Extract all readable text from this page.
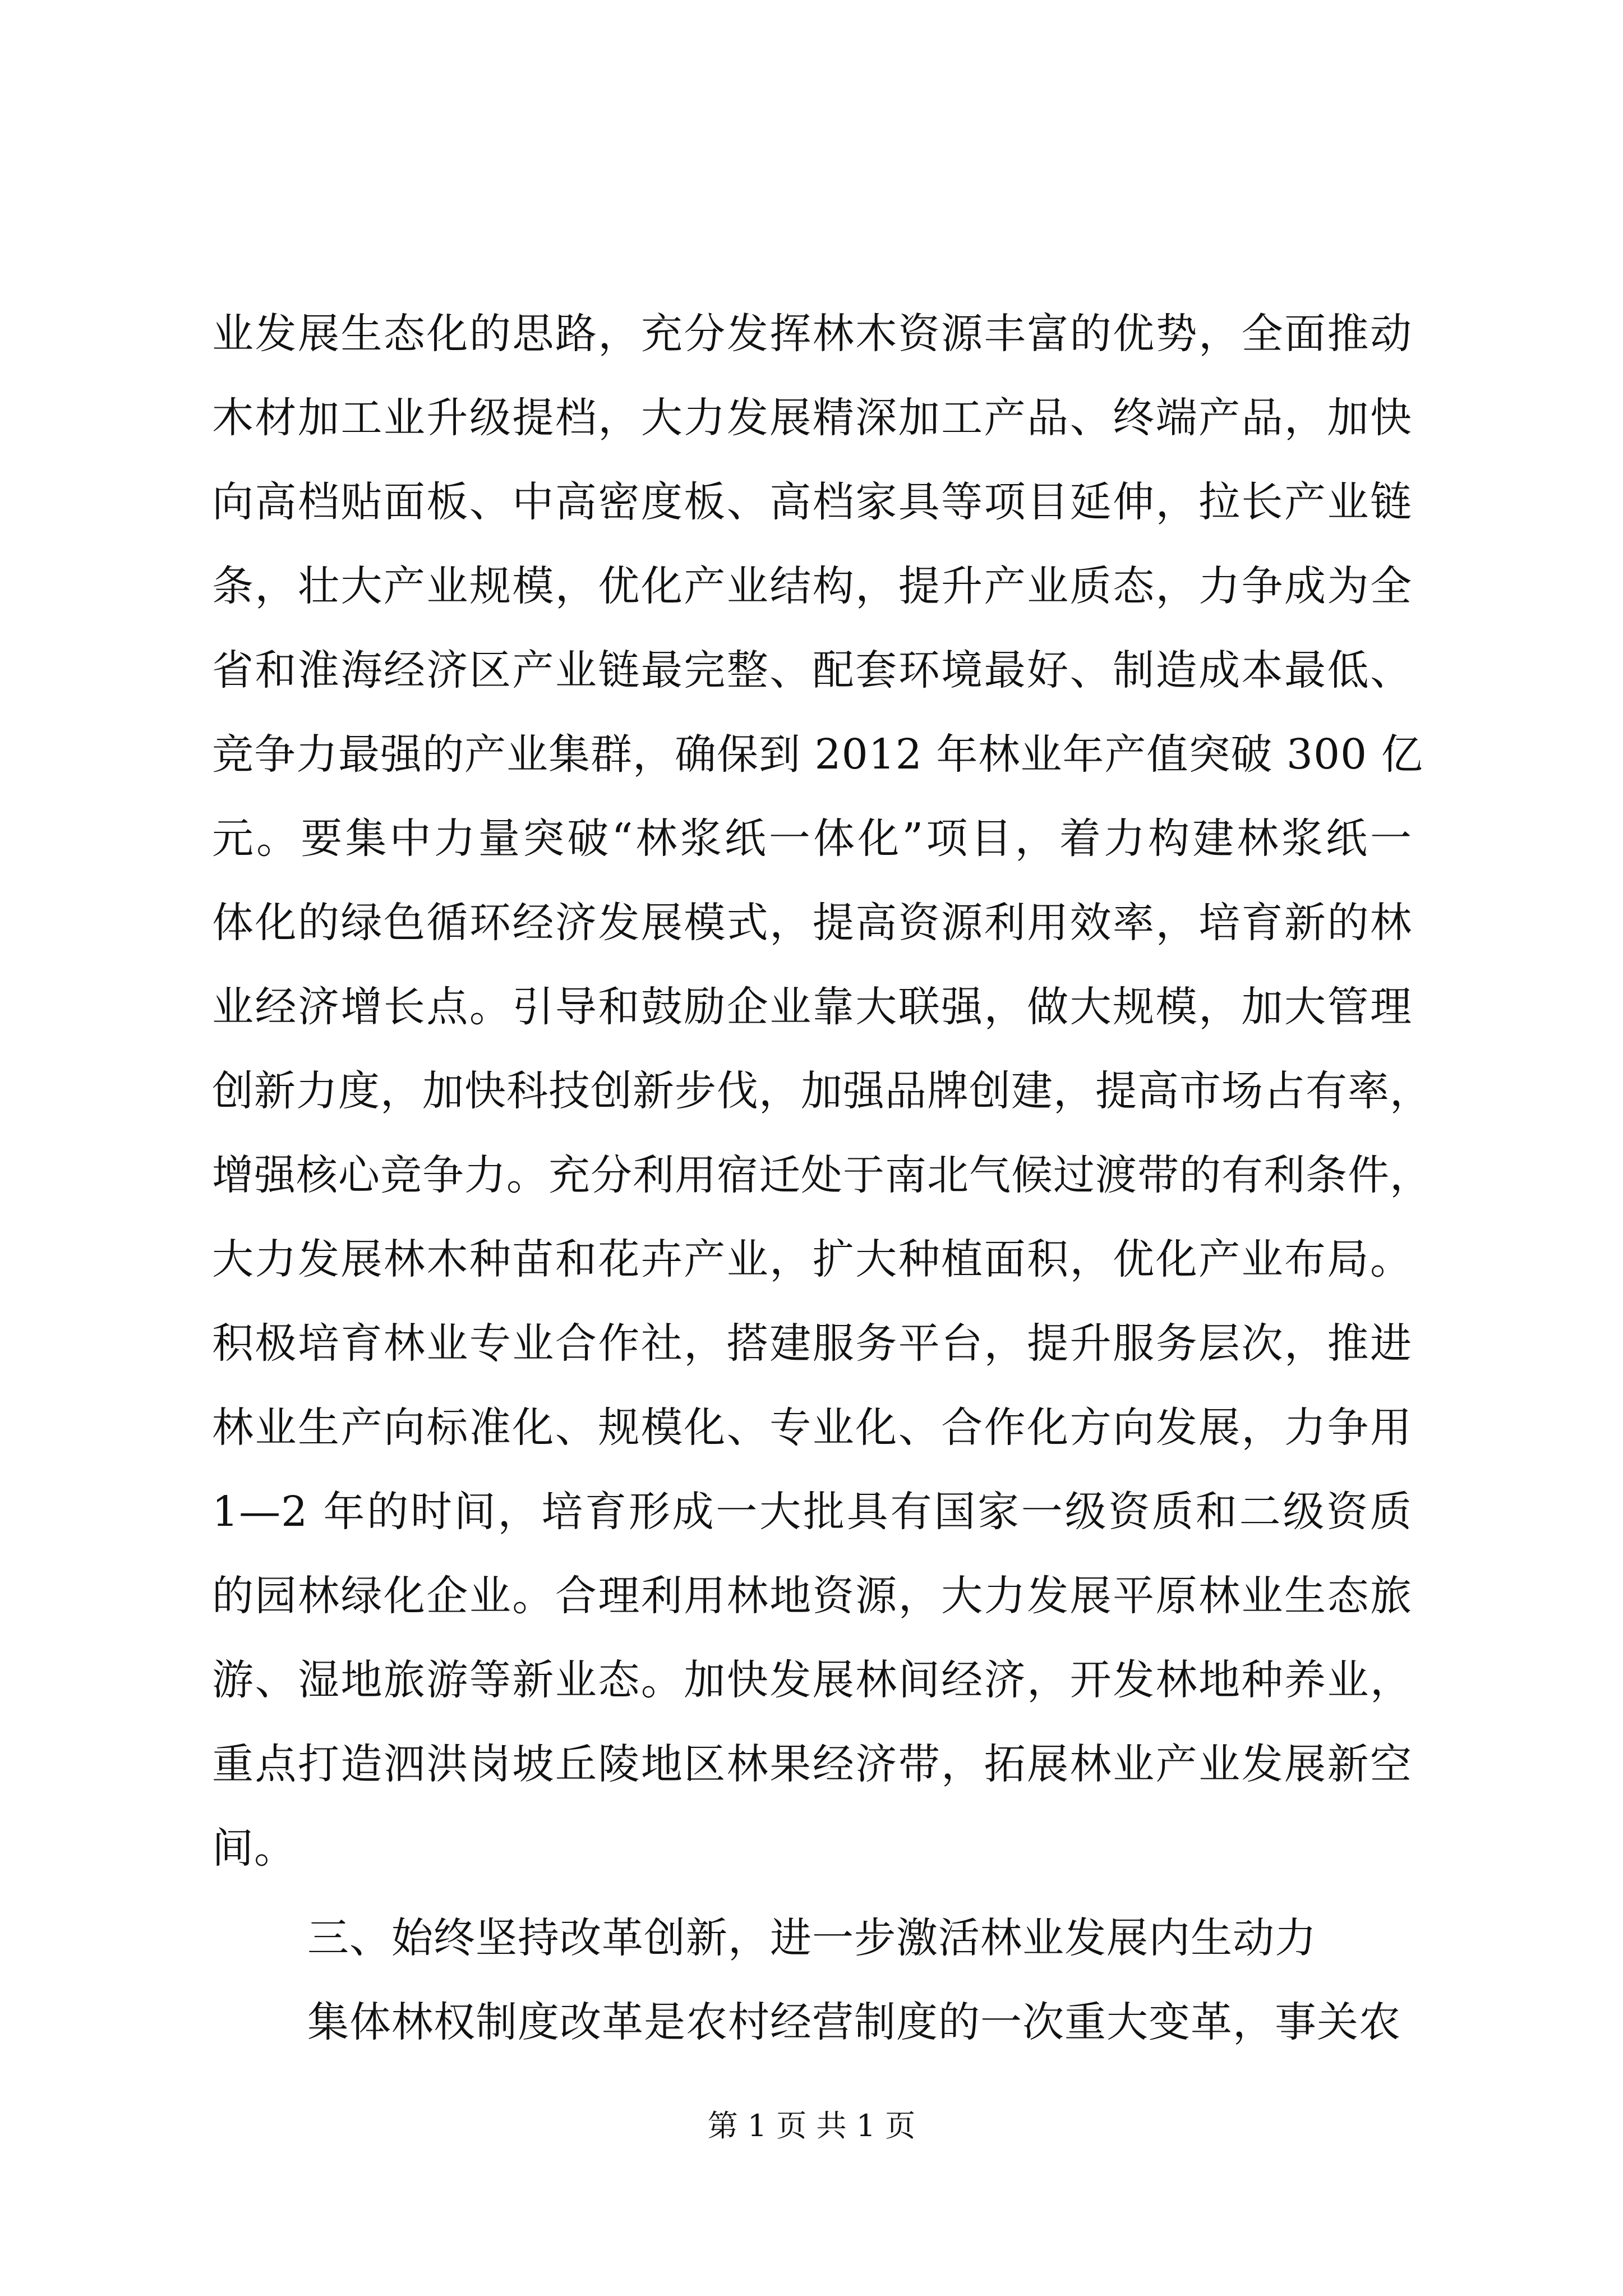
业发展生态化的思路，充分发挥林木资源丰富的优势，全面推动
木材加工业升级提档，大力发展精深加工产品、终端产品，加快
向高档贴面板、中高密度板、高档家具等项目延伸，拉长产业链
条，壮大产业规模，优化产业结构，提升产业质态，力争成为全
省和淮海经济区产业链最完整、配套环境最好、制造成本最低、
竞争力最强的产业集群，确保到 2012 年林业年产值突破 300 亿
元。要集中力量突破“林浆纸一体化”项目，着力构建林浆纸一
体化的绿色循环经济发展模式，提高资源利用效率，培育新的林
业经济增长点。引导和鼓励企业靠大联强，做大规模，加大管理
创新力度，加快科技创新步伐，加强品牌创建，提高市场占有率，
增强核心竞争力。充分利用宿迁处于南北气候过渡带的有利条件，
大力发展林木种苗和花卉产业，扩大种植面积，优化产业布局。
积极培育林业专业合作社，搭建服务平台，提升服务层次，推进
林业生产向标准化、规模化、专业化、合作化方向发展，力争用
1—2 年的时间，培育形成一大批具有国家一级资质和二级资质
的园林绿化企业。合理利用林地资源，大力发展平原林业生态旅
游、湿地旅游等新业态。加快发展林间经济，开发林地种养业，
重点打造泗洪岗坡丘陵地区林果经济带，拓展林业产业发展新空
间。
三、始终坚持改革创新，进一步激活林业发展内生动力
集体林权制度改革是农村经营制度的一次重大变革，事关农
第 1 页 共 1 页
